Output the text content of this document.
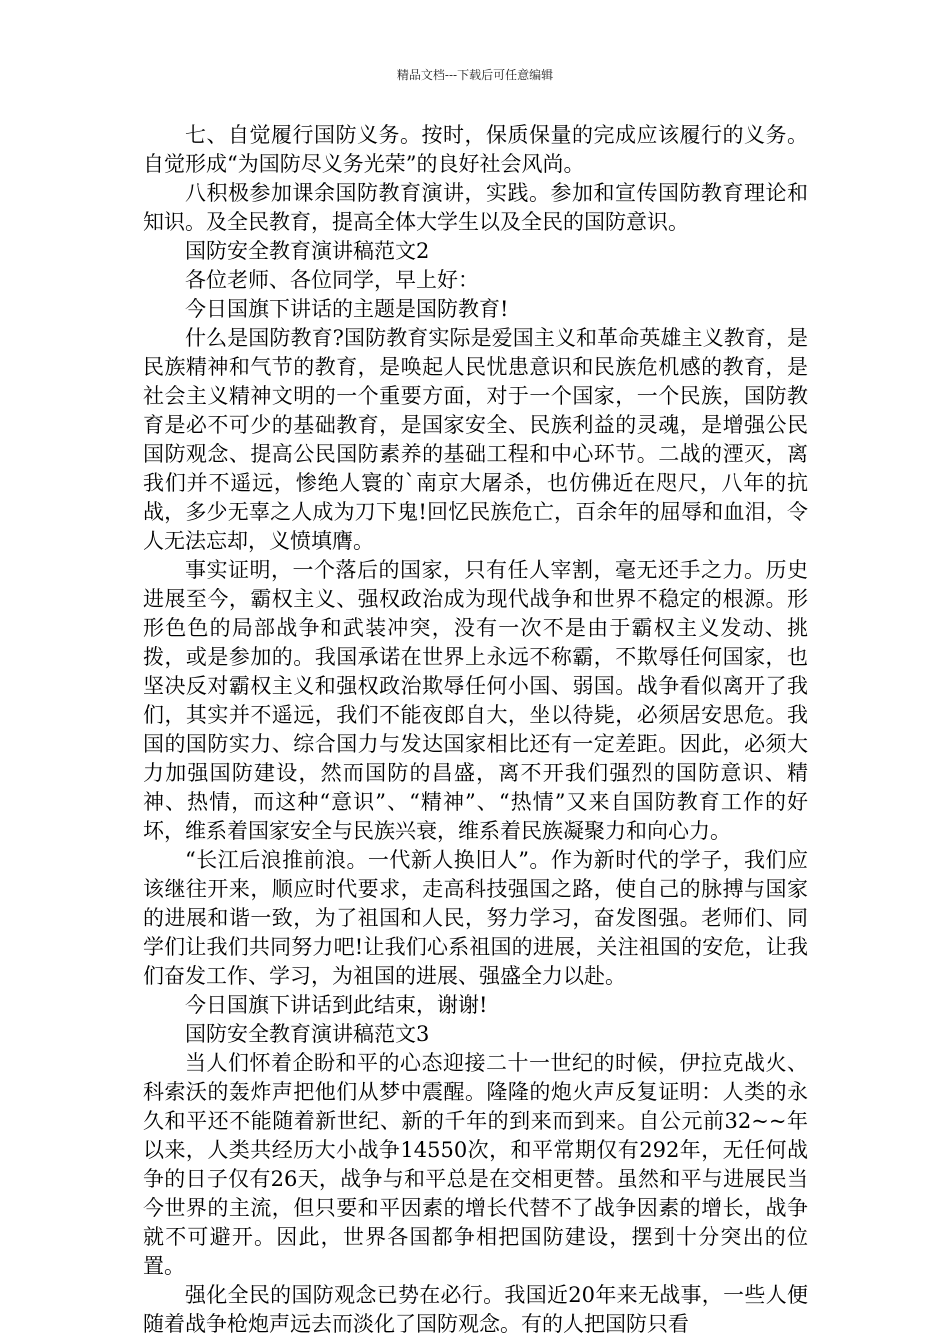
精品文档---下载后可任意编辑

七、自觉履行国防义务。按时，保质保量的完成应该履行的义务。自觉形成“为国防尽义务光荣”的良好社会风尚。

八积极参加课余国防教育演讲，实践。参加和宣传国防教育理论和知识。及全民教育，提高全体大学生以及全民的国防意识。

国防安全教育演讲稿范文2

各位老师、各位同学，早上好：

今日国旗下讲话的主题是国防教育!

什么是国防教育?国防教育实际是爱国主义和革命英雄主义教育，是民族精神和气节的教育，是唤起人民忧患意识和民族危机感的教育，是社会主义精神文明的一个重要方面，对于一个国家，一个民族，国防教育是必不可少的基础教育，是国家安全、民族利益的灵魂，是增强公民国防观念、提高公民国防素养的基础工程和中心环节。二战的湮灭，离我们并不遥远，惨绝人寰的`南京大屠杀，也仿佛近在咫尺，八年的抗战，多少无辜之人成为刀下鬼!回忆民族危亡，百余年的屈辱和血泪，令人无法忘却，义愤填膺。

事实证明，一个落后的国家，只有任人宰割，毫无还手之力。历史进展至今，霸权主义、强权政治成为现代战争和世界不稳定的根源。形形色色的局部战争和武装冲突，没有一次不是由于霸权主义发动、挑拨，或是参加的。我国承诺在世界上永远不称霸，不欺辱任何国家，也坚决反对霸权主义和强权政治欺辱任何小国、弱国。战争看似离开了我们，其实并不遥远，我们不能夜郎自大，坐以待毙，必须居安思危。我国的国防实力、综合国力与发达国家相比还有一定差距。因此，必须大力加强国防建设，然而国防的昌盛，离不开我们强烈的国防意识、精神、热情，而这种“意识”、“精神”、“热情”又来自国防教育工作的好坏，维系着国家安全与民族兴衰，维系着民族凝聚力和向心力。

“长江后浪推前浪。一代新人换旧人”。作为新时代的学子，我们应该继往开来，顺应时代要求，走高科技强国之路，使自己的脉搏与国家的进展和谐一致，为了祖国和人民，努力学习，奋发图强。老师们、同学们让我们共同努力吧!让我们心系祖国的进展，关注祖国的安危，让我们奋发工作、学习，为祖国的进展、强盛全力以赴。

今日国旗下讲话到此结束，谢谢!

国防安全教育演讲稿范文3

当人们怀着企盼和平的心态迎接二十一世纪的时候，伊拉克战火、科索沃的轰炸声把他们从梦中震醒。隆隆的炮火声反复证明：人类的永久和平还不能随着新世纪、新的千年的到来而到来。自公元前32~~年以来，人类共经历大小战争14550次，和平常期仅有292年，无任何战争的日子仅有26天，战争与和平总是在交相更替。虽然和平与进展民当今世界的主流，但只要和平因素的增长代替不了战争因素的增长，战争就不可避开。因此，世界各国都争相把国防建设，摆到十分突出的位置。

强化全民的国防观念已势在必行。我国近20年来无战事，一些人便随着战争枪炮声远去而淡化了国防观念。有的人把国防只看
